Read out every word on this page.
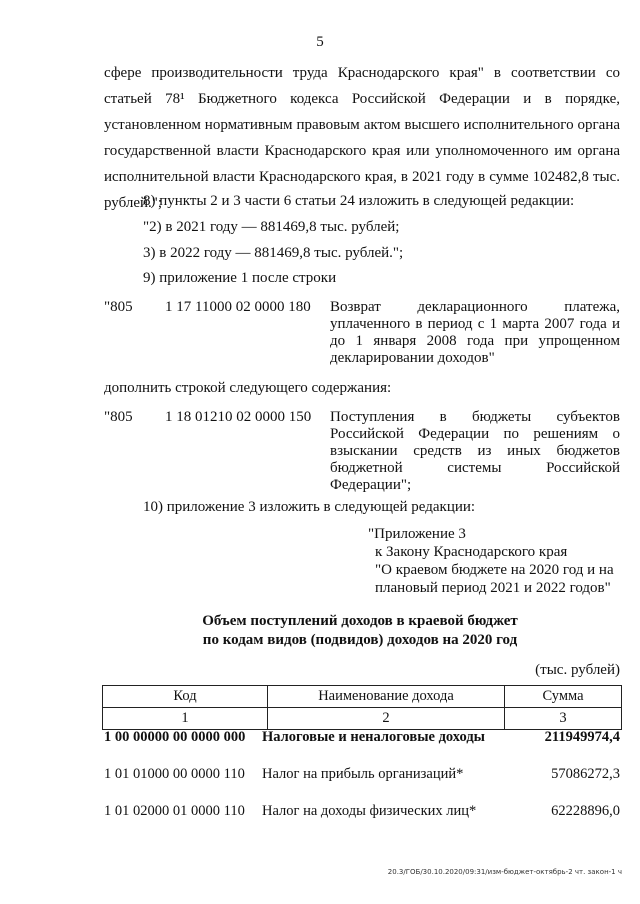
5
сфере производительности труда Краснодарского края" в соответствии со статьей 78¹ Бюджетного кодекса Российской Федерации и в порядке, установленном нормативным правовым актом высшего исполнительного органа государственной власти Краснодарского края или уполномоченного им органа исполнительной власти Краснодарского края, в 2021 году в сумме 102482,8 тыс. рублей.";
8) пункты 2 и 3 части 6 статьи 24 изложить в следующей редакции:
"2) в 2021 году — 881469,8 тыс. рублей;
3) в 2022 году — 881469,8 тыс. рублей.";
9) приложение 1 после строки
"805 1 17 11000 02 0000 180 Возврат декларационного платежа, уплаченного в период с 1 марта 2007 года и до 1 января 2008 года при упрощенном декларировании доходов"
дополнить строкой следующего содержания:
"805 1 18 01210 02 0000 150 Поступления в бюджеты субъектов Российской Федерации по решениям о взыскании средств из иных бюджетов бюджетной системы Российской Федерации";
10) приложение 3 изложить в следующей редакции:
"Приложение 3
к Закону Краснодарского края
"О краевом бюджете на 2020 год и на
плановый период 2021 и 2022 годов"
Объем поступлений доходов в краевой бюджет
по кодам видов (подвидов) доходов на 2020 год
(тыс. рублей)
Код	Наименование дохода	Сумма
1	2	3
1 00 00000 00 0000 000 Налоговые и неналоговые доходы	211949974,4
1 01 01000 00 0000 110 Налог на прибыль организаций*	57086272,3
1 01 02000 01 0000 110 Налог на доходы физических лиц*	62228896,0
20.3/ГОБ/30.10.2020/09:31/изм-бюджет-октябрь-2 чт. закон-1 ч
